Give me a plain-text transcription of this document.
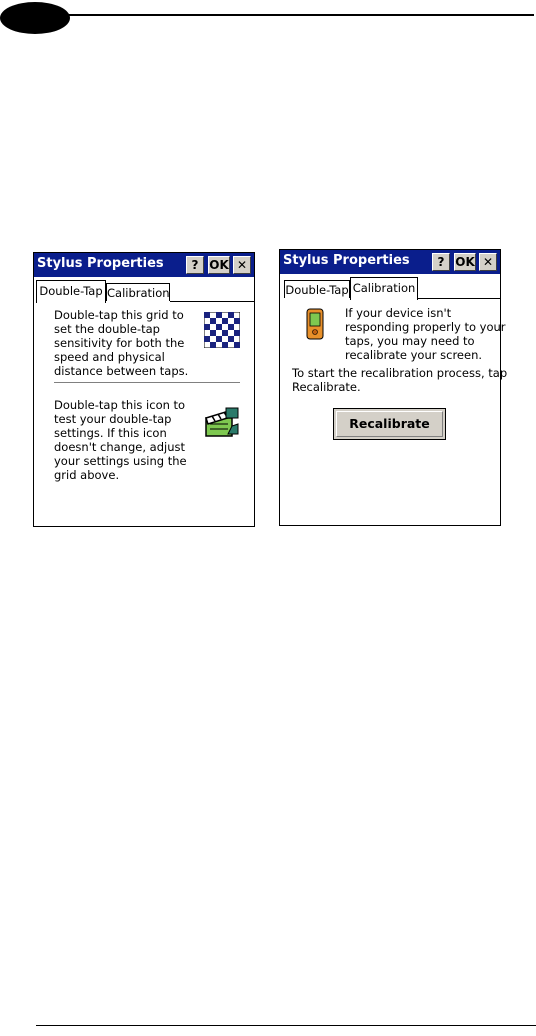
Stylus Properties	? OK ✕
Double-Tap Calibration
Double-tap this grid to
set the double-tap
sensitivity for both the
speed and physical
distance between taps.
Double-tap this icon to
test your double-tap
settings. If this icon
doesn't change, adjust
your settings using the
grid above.
Stylus Properties	? OK ✕
Double-Tap Calibration
If your device isn't
responding properly to your
taps, you may need to
recalibrate your screen.
To start the recalibration process, tap
Recalibrate.
Recalibrate
